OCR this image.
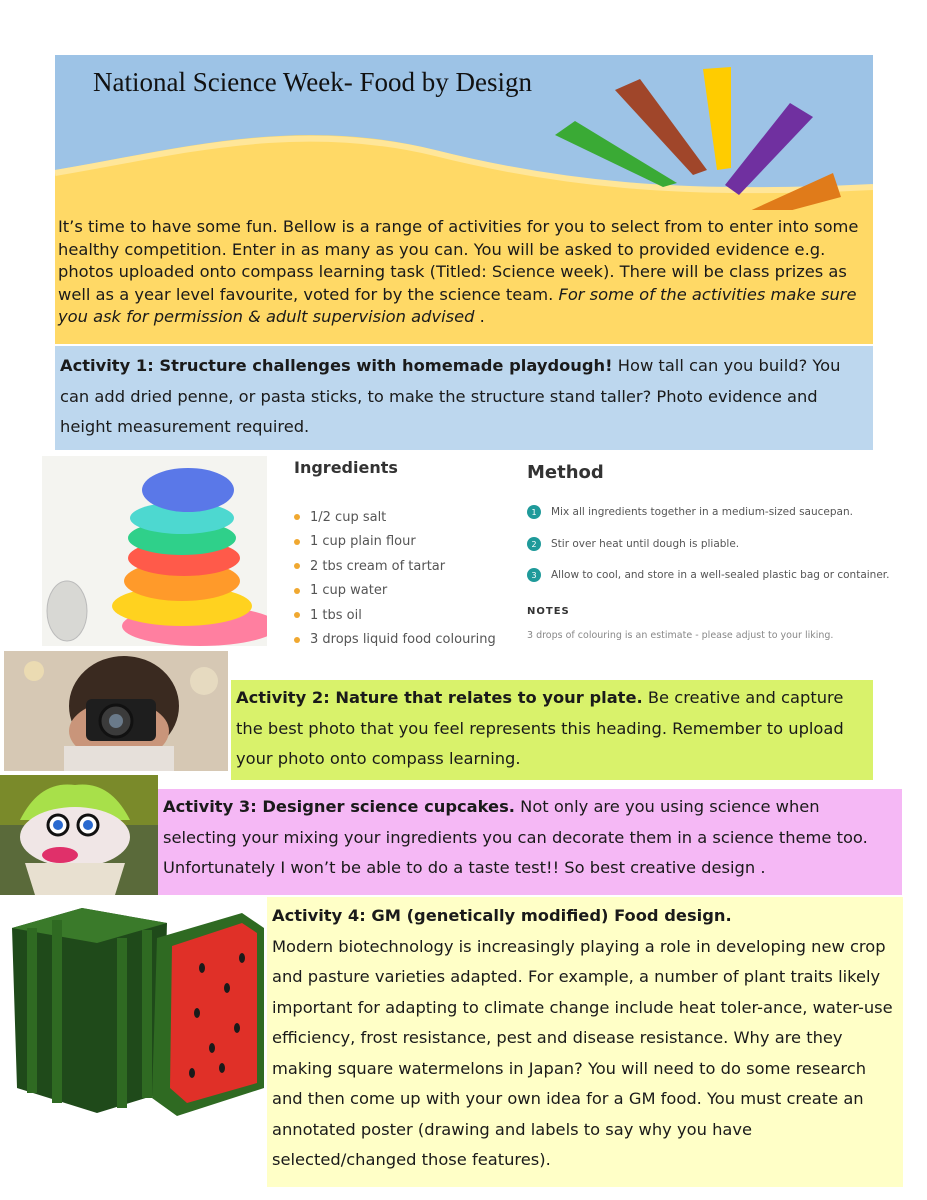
National Science Week- Food by Design
It’s time to have some fun. Bellow is a range of activities for you to select from to enter into some healthy competition. Enter in as many as you can. You will be asked to provided evidence e.g. photos uploaded onto compass learning task (Titled: Science week). There will be class prizes as well as a year level favourite, voted for by the science team. For some of the activities make sure you ask for permission & adult supervision advised .
Activity 1: Structure challenges with homemade playdough! How tall can you build? You can add dried penne, or pasta sticks, to make the structure stand taller? Photo evidence and height measurement required.
Ingredients
1/2 cup salt
1 cup plain flour
2 tbs cream of tartar
1 cup water
1 tbs oil
3 drops liquid food colouring
Method
1	Mix all ingredients together in a medium-sized saucepan.
2	Stir over heat until dough is pliable.
3	Allow to cool, and store in a well-sealed plastic bag or container.
NOTES
3 drops of colouring is an estimate - please adjust to your liking.
Activity 2: Nature that relates to your plate. Be creative and capture the best photo that you feel represents this heading. Remember to upload your photo onto compass learning.
Activity 3: Designer science cupcakes. Not only are you using science when selecting your mixing your ingredients you can decorate them in a science theme too.
Unfortunately I won’t be able to do a taste test!! So best creative design .
Activity 4: GM (genetically modified) Food design.
Modern biotechnology is increasingly playing a role in developing new crop and pasture varieties adapted. For example, a number of plant traits likely important for adapting to climate change include heat toler-ance, water-use efficiency, frost resistance, pest and disease resistance. Why are they making square watermelons in Japan? You will need to do some research and then come up with your own idea for a GM food. You must create an annotated poster (drawing and labels to say why you have selected/changed those features).
